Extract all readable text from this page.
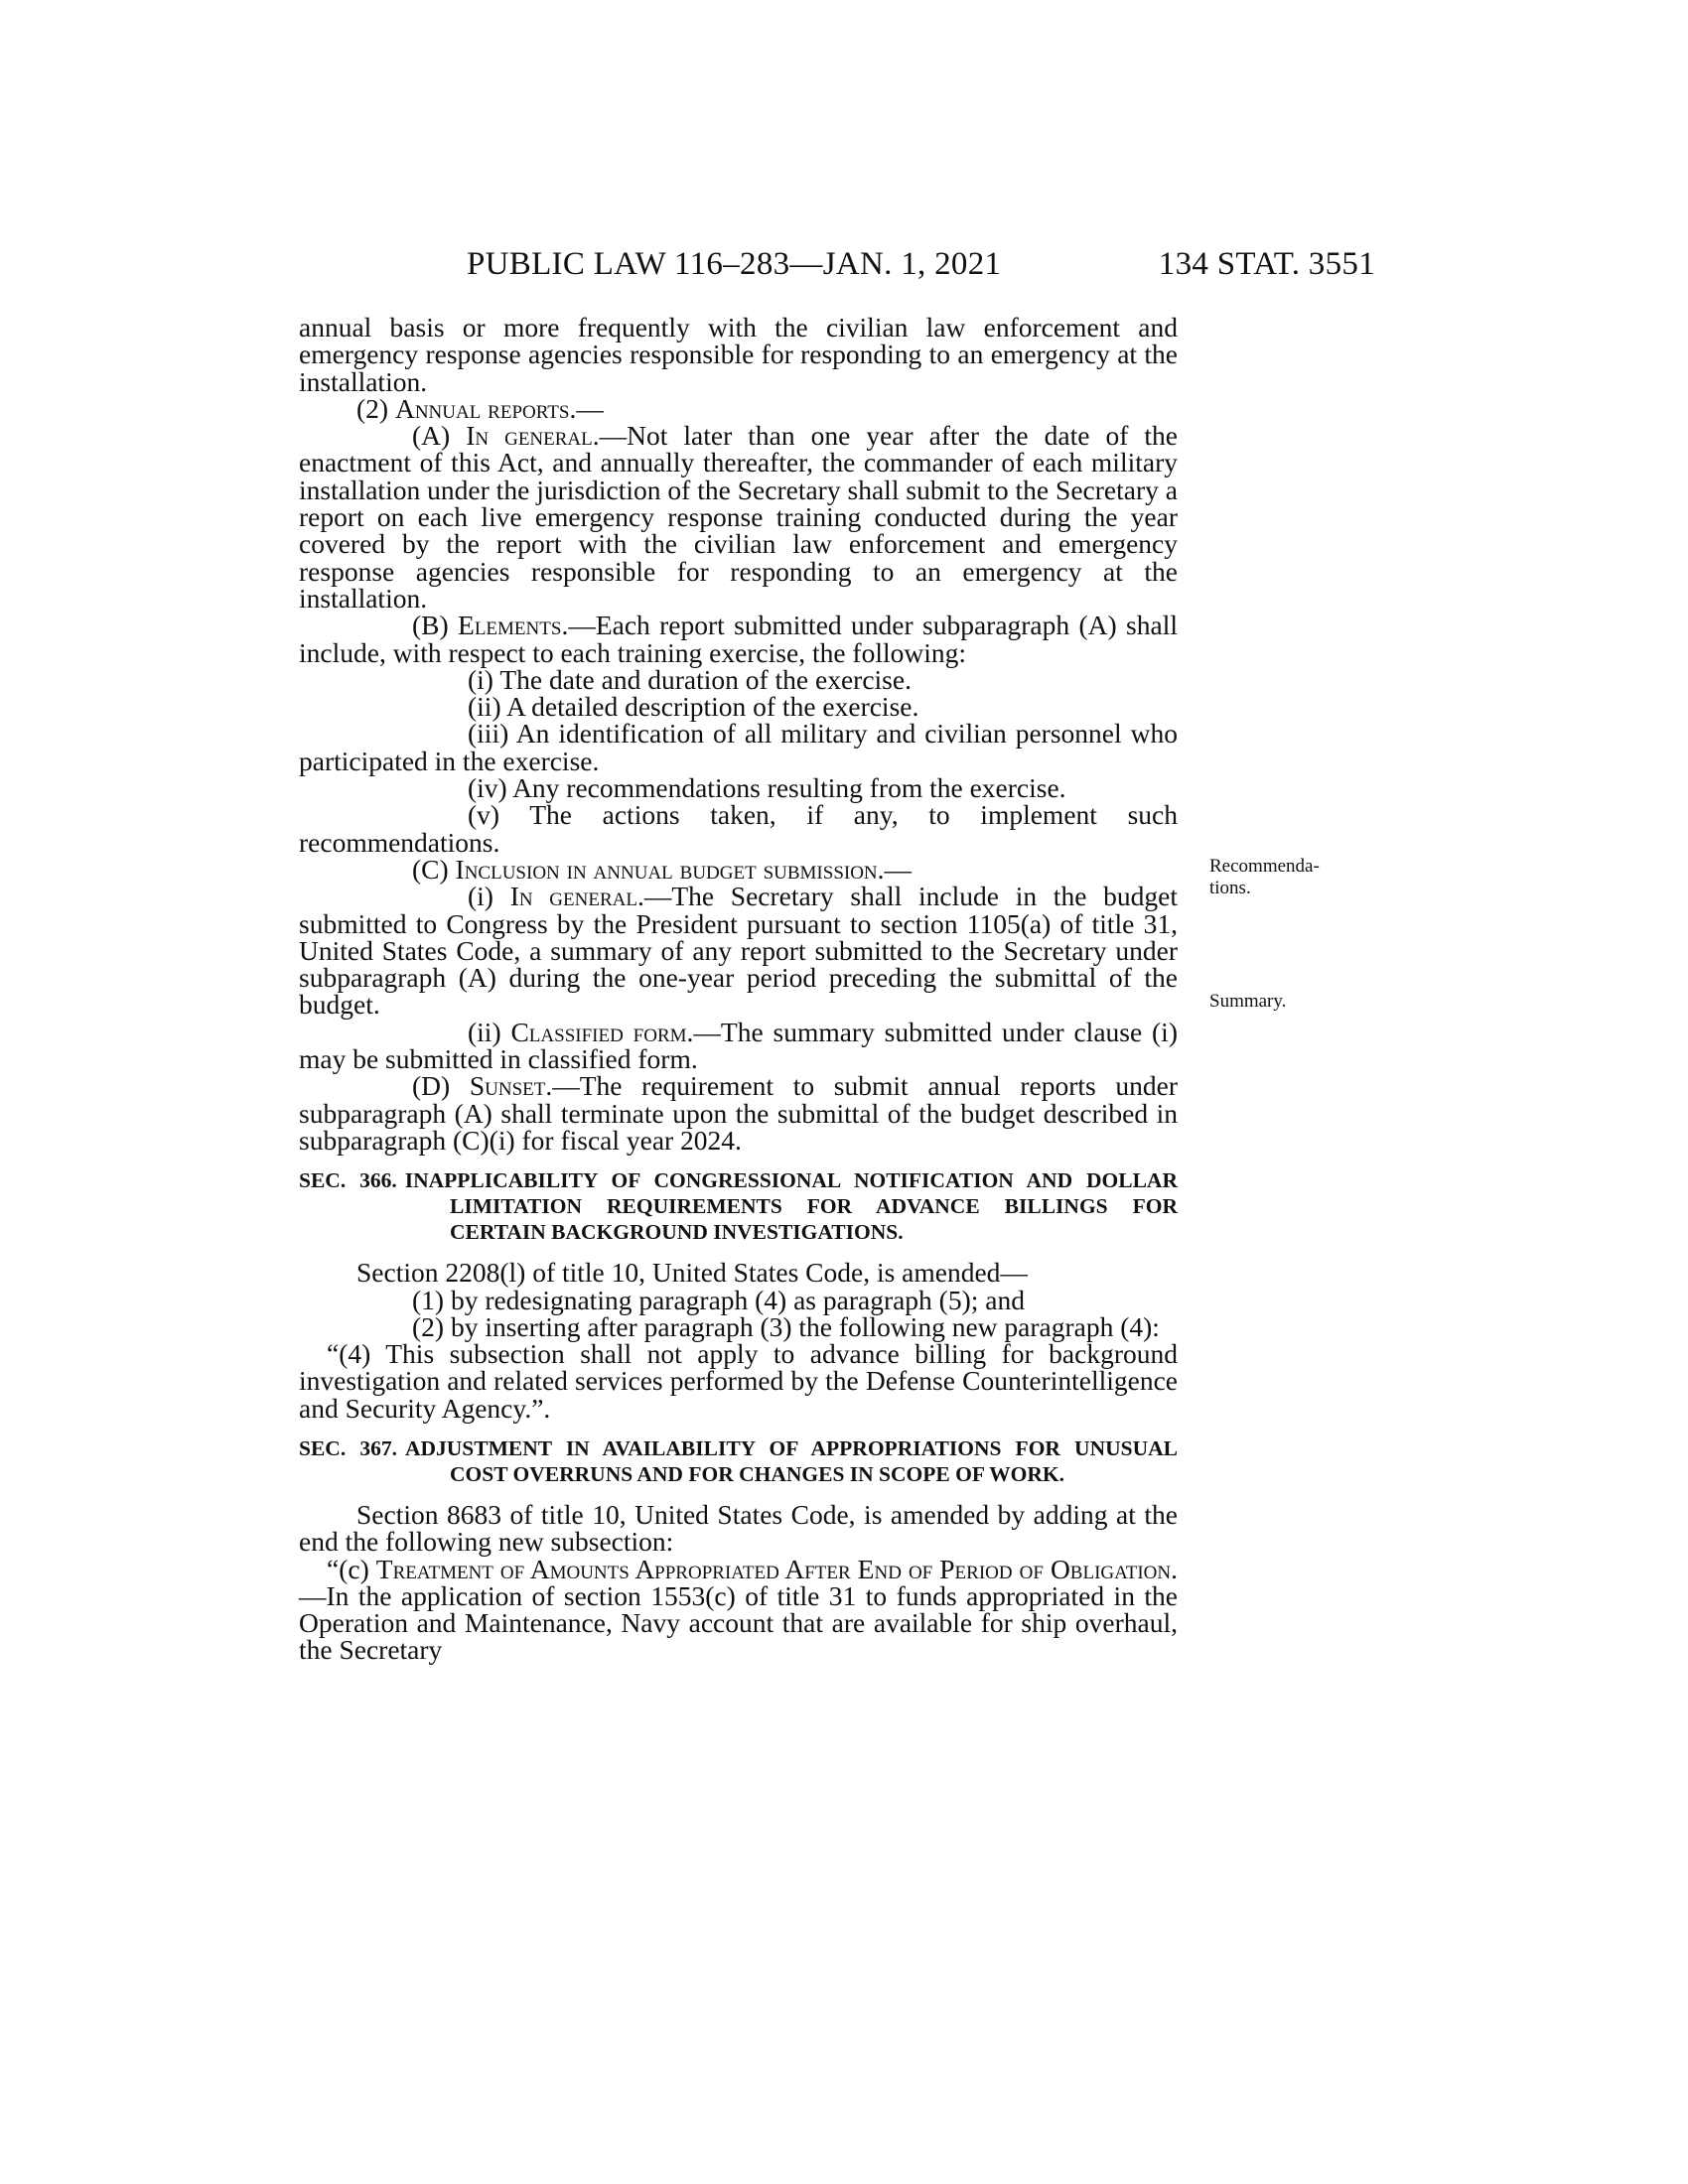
PUBLIC LAW 116–283—JAN. 1, 2021	134 STAT. 3551

annual basis or more frequently with the civilian law enforcement and emergency response agencies responsible for responding to an emergency at the installation.

(2) Annual reports.—

(A) In general.—Not later than one year after the date of the enactment of this Act, and annually thereafter, the commander of each military installation under the jurisdiction of the Secretary shall submit to the Secretary a report on each live emergency response training conducted during the year covered by the report with the civilian law enforcement and emergency response agencies responsible for responding to an emergency at the installation.

(B) Elements.—Each report submitted under subparagraph (A) shall include, with respect to each training exercise, the following:

(i) The date and duration of the exercise.

(ii) A detailed description of the exercise.

(iii) An identification of all military and civilian personnel who participated in the exercise.

(iv) Any recommendations resulting from the exercise.

(v) The actions taken, if any, to implement such recommendations.

(C) Inclusion in annual budget submission.—

(i) In general.—The Secretary shall include in the budget submitted to Congress by the President pursuant to section 1105(a) of title 31, United States Code, a summary of any report submitted to the Secretary under subparagraph (A) during the one-year period preceding the submittal of the budget.

(ii) Classified form.—The summary submitted under clause (i) may be submitted in classified form.

(D) Sunset.—The requirement to submit annual reports under subparagraph (A) shall terminate upon the submittal of the budget described in subparagraph (C)(i) for fiscal year 2024.

SEC. 366. INAPPLICABILITY OF CONGRESSIONAL NOTIFICATION AND DOLLAR LIMITATION REQUIREMENTS FOR ADVANCE BILLINGS FOR CERTAIN BACKGROUND INVESTIGATIONS.

Section 2208(l) of title 10, United States Code, is amended—

(1) by redesignating paragraph (4) as paragraph (5); and

(2) by inserting after paragraph (3) the following new paragraph (4):

“(4) This subsection shall not apply to advance billing for background investigation and related services performed by the Defense Counterintelligence and Security Agency.”.

SEC. 367. ADJUSTMENT IN AVAILABILITY OF APPROPRIATIONS FOR UNUSUAL COST OVERRUNS AND FOR CHANGES IN SCOPE OF WORK.

Section 8683 of title 10, United States Code, is amended by adding at the end the following new subsection:

“(c) Treatment of Amounts Appropriated After End of Period of Obligation.—In the application of section 1553(c) of title 31 to funds appropriated in the Operation and Maintenance, Navy account that are available for ship overhaul, the Secretary

Recommenda-
tions.
Summary.
